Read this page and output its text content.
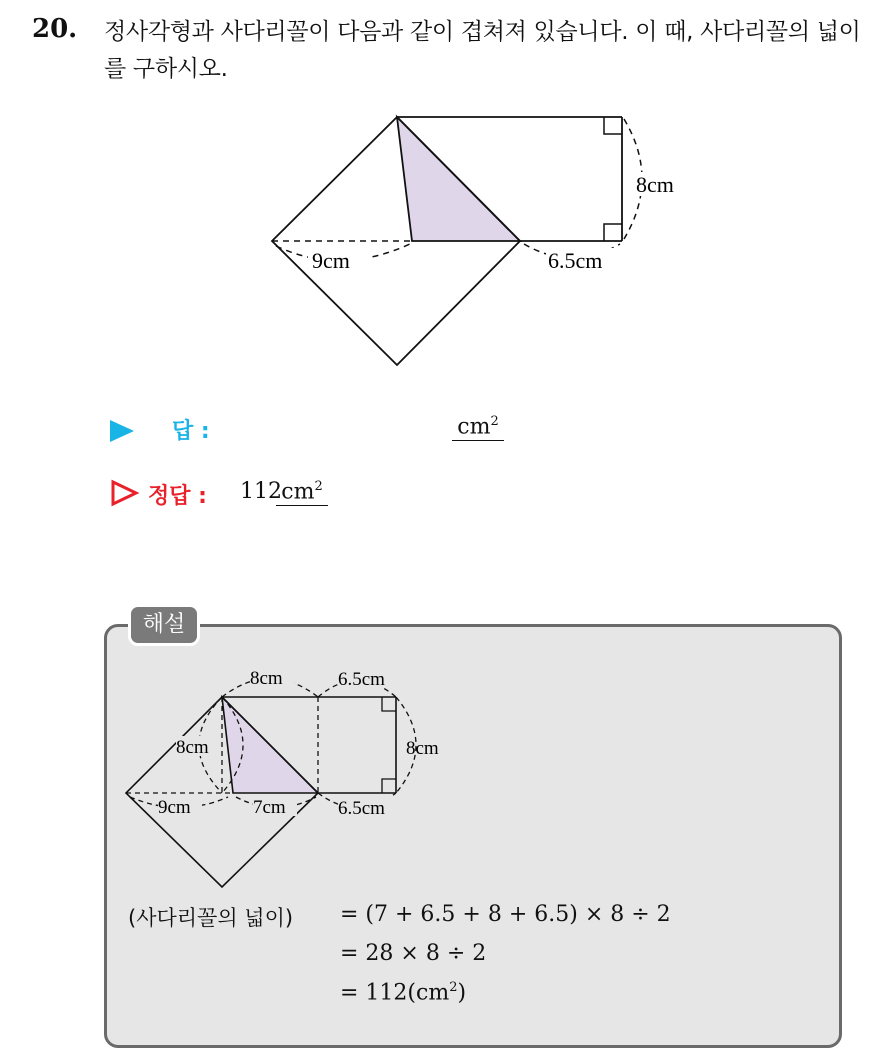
20. 정사각형과 사다리꼴이 다음과 같이 겹쳐져 있습니다. 이 때, 사다리꼴의 넓이를 구하시오.
9cm
8cm
6.5cm
답 :	$cm^2$
정답 : 112 $cm^2$
해설
8cm	6.5cm
8cm	8cm
9cm	7cm	6.5cm
(사다리꼴의 넓이) = (7 + 6.5 + 8 + 6.5) × 8 ÷ 2
= 28 × 8 ÷ 2
= $112(cm^2)$
